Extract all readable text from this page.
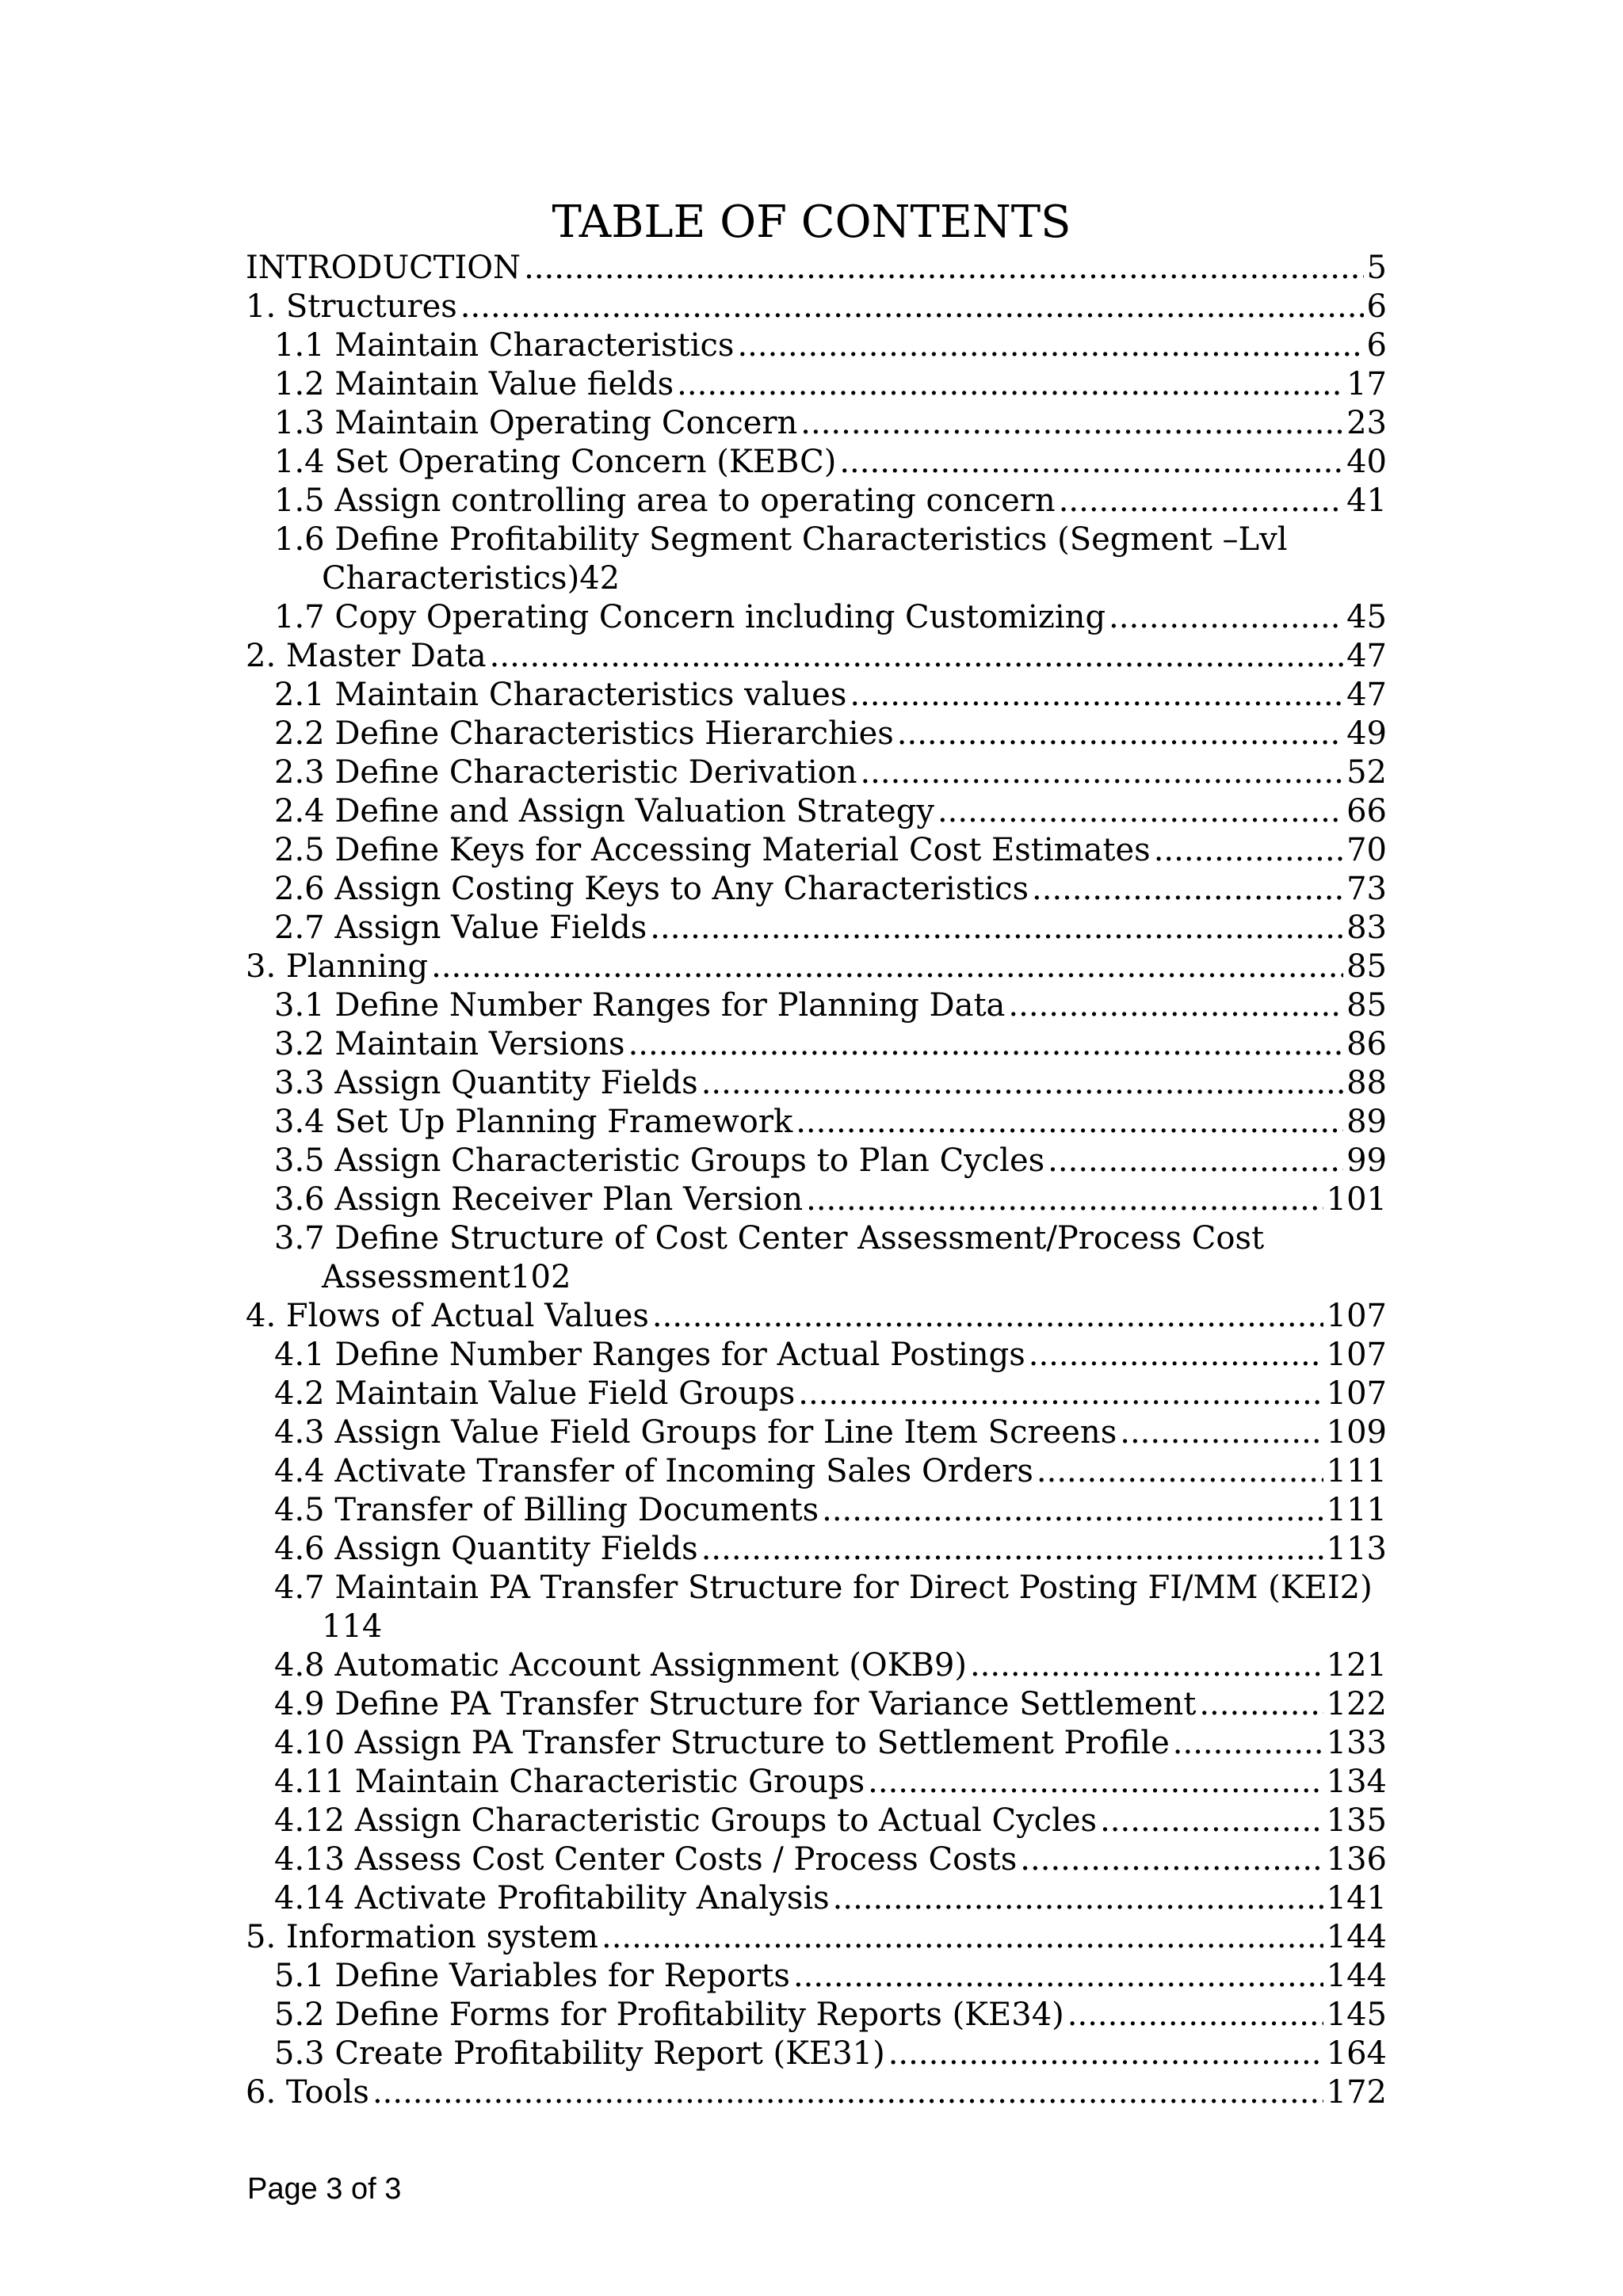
TABLE OF CONTENTS
INTRODUCTION .....	5
1. Structures .....	6
1.1 Maintain Characteristics .....	6
1.2 Maintain Value fields .....	17
1.3 Maintain Operating Concern .....	23
1.4 Set Operating Concern (KEBC) .....	40
1.5 Assign controlling area to operating concern .....	41
1.6 Define Profitability Segment Characteristics (Segment –Lvl
Characteristics) 42
1.7 Copy Operating Concern including Customizing .....	45
2. Master Data .....	47
2.1 Maintain Characteristics values .....	47
2.2 Define Characteristics Hierarchies .....	49
2.3 Define Characteristic Derivation .....	52
2.4 Define and Assign Valuation Strategy .....	66
2.5 Define Keys for Accessing Material Cost Estimates .....	70
2.6 Assign Costing Keys to Any Characteristics .....	73
2.7 Assign Value Fields .....	83
3. Planning .....	85
3.1 Define Number Ranges for Planning Data .....	85
3.2 Maintain Versions .....	86
3.3 Assign Quantity Fields .....	88
3.4 Set Up Planning Framework .....	89
3.5 Assign Characteristic Groups to Plan Cycles .....	99
3.6 Assign Receiver Plan Version .....	101
3.7 Define Structure of Cost Center Assessment/Process Cost
Assessment 102
4. Flows of Actual Values .....	107
4.1 Define Number Ranges for Actual Postings .....	107
4.2 Maintain Value Field Groups .....	107
4.3 Assign Value Field Groups for Line Item Screens .....	109
4.4 Activate Transfer of Incoming Sales Orders .....	111
4.5 Transfer of Billing Documents .....	111
4.6 Assign Quantity Fields .....	113
4.7 Maintain PA Transfer Structure for Direct Posting FI/MM (KEI2)
114
4.8 Automatic Account Assignment (OKB9) .....	121
4.9 Define PA Transfer Structure for Variance Settlement .....	122
4.10 Assign PA Transfer Structure to Settlement Profile .....	133
4.11 Maintain Characteristic Groups .....	134
4.12 Assign Characteristic Groups to Actual Cycles .....	135
4.13 Assess Cost Center Costs / Process Costs .....	136
4.14 Activate Profitability Analysis .....	141
5. Information system .....	144
5.1 Define Variables for Reports .....	144
5.2 Define Forms for Profitability Reports (KE34) .....	145
5.3 Create Profitability Report (KE31) .....	164
6. Tools .....	172
Page 3 of 3
